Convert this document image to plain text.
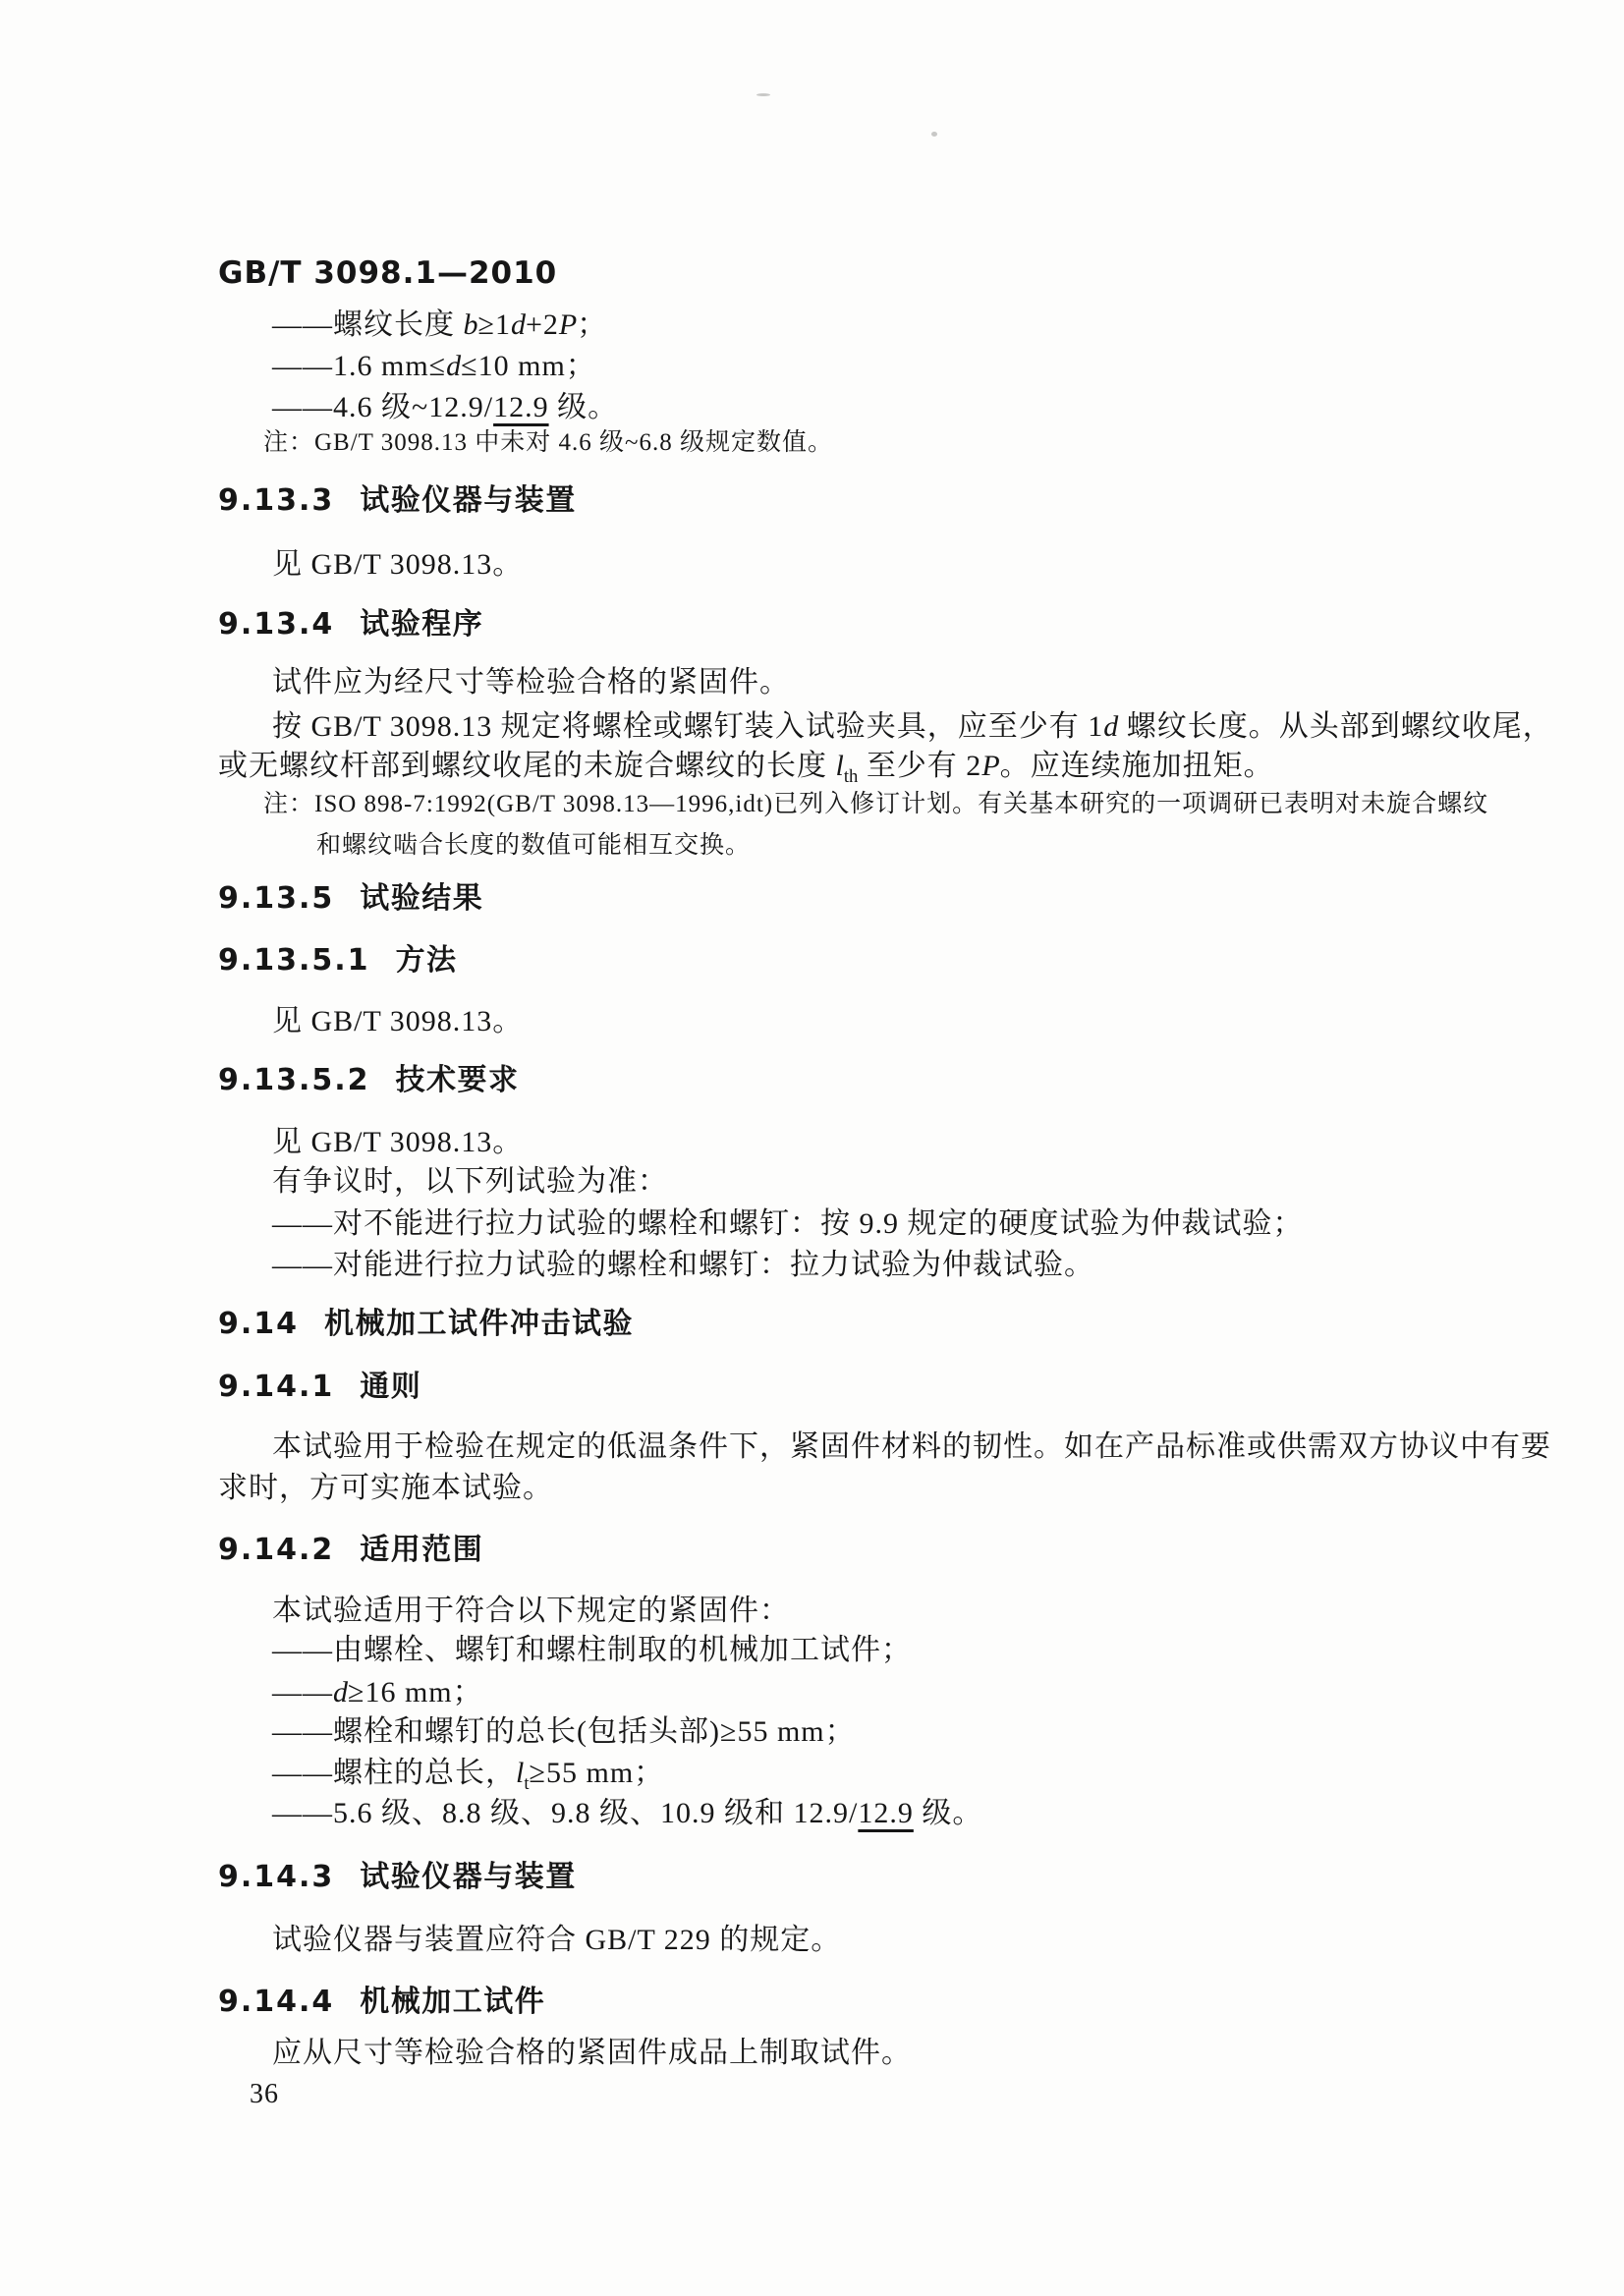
GB/T 3098.1—2010
——螺纹长度 b≥1d+2P；
——1.6 mm≤d≤10 mm；
——4.6 级~12.9/12.9 级。
注：GB/T 3098.13 中未对 4.6 级~6.8 级规定数值。
9.13.3 试验仪器与装置
见 GB/T 3098.13。
9.13.4 试验程序
试件应为经尺寸等检验合格的紧固件。
按 GB/T 3098.13 规定将螺栓或螺钉装入试验夹具，应至少有 1d 螺纹长度。从头部到螺纹收尾，
或无螺纹杆部到螺纹收尾的未旋合螺纹的长度 $l_{th}$ 至少有 2P。应连续施加扭矩。
注：ISO 898-7:1992(GB/T 3098.13—1996,idt)已列入修订计划。有关基本研究的一项调研已表明对未旋合螺纹
和螺纹啮合长度的数值可能相互交换。
9.13.5 试验结果
9.13.5.1 方法
见 GB/T 3098.13。
9.13.5.2 技术要求
见 GB/T 3098.13。
有争议时，以下列试验为准：
——对不能进行拉力试验的螺栓和螺钉：按 9.9 规定的硬度试验为仲裁试验；
——对能进行拉力试验的螺栓和螺钉：拉力试验为仲裁试验。
9.14 机械加工试件冲击试验
9.14.1 通则
本试验用于检验在规定的低温条件下，紧固件材料的韧性。如在产品标准或供需双方协议中有要
求时，方可实施本试验。
9.14.2 适用范围
本试验适用于符合以下规定的紧固件：
——由螺栓、螺钉和螺柱制取的机械加工试件；
——d≥16 mm；
——螺栓和螺钉的总长(包括头部)≥55 mm；
——螺柱的总长，$l_t\ge 55$ mm；
——5.6 级、8.8 级、9.8 级、10.9 级和 12.9/12.9 级。
9.14.3 试验仪器与装置
试验仪器与装置应符合 GB/T 229 的规定。
9.14.4 机械加工试件
应从尺寸等检验合格的紧固件成品上制取试件。
36
